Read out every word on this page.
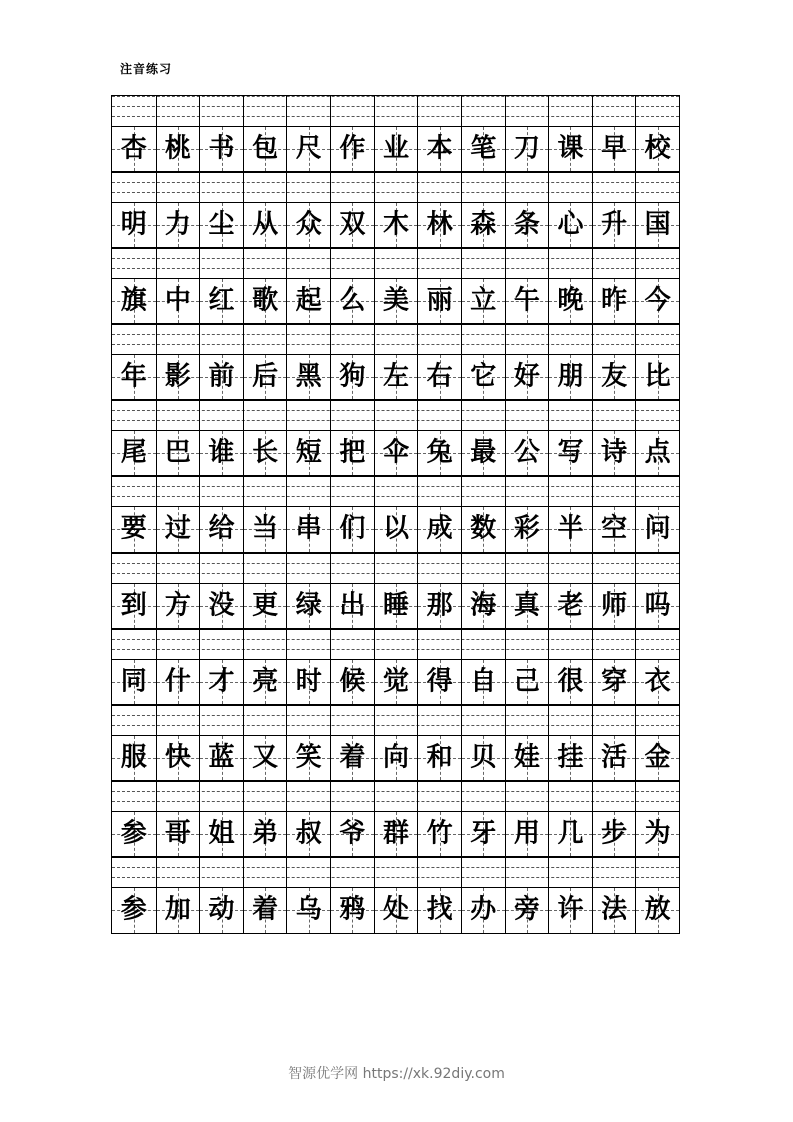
注音练习
杏 桃 书 包 尺 作 业 本 笔 刀 课 早 校
明 力 尘 从 众 双 木 林 森 条 心 升 国
旗 中 红 歌 起 么 美 丽 立 午 晚 昨 今
年 影 前 后 黑 狗 左 右 它 好 朋 友 比
尾 巴 谁 长 短 把 伞 兔 最 公 写 诗 点
要 过 给 当 串 们 以 成 数 彩 半 空 问
到 方 没 更 绿 出 睡 那 海 真 老 师 吗
同 什 才 亮 时 候 觉 得 自 己 很 穿 衣
服 快 蓝 又 笑 着 向 和 贝 娃 挂 活 金
参 哥 姐 弟 叔 爷 群 竹 牙 用 几 步 为
参 加 动 着 乌 鸦 处 找 办 旁 许 法 放
智源优学网 https://xk.92diy.com
